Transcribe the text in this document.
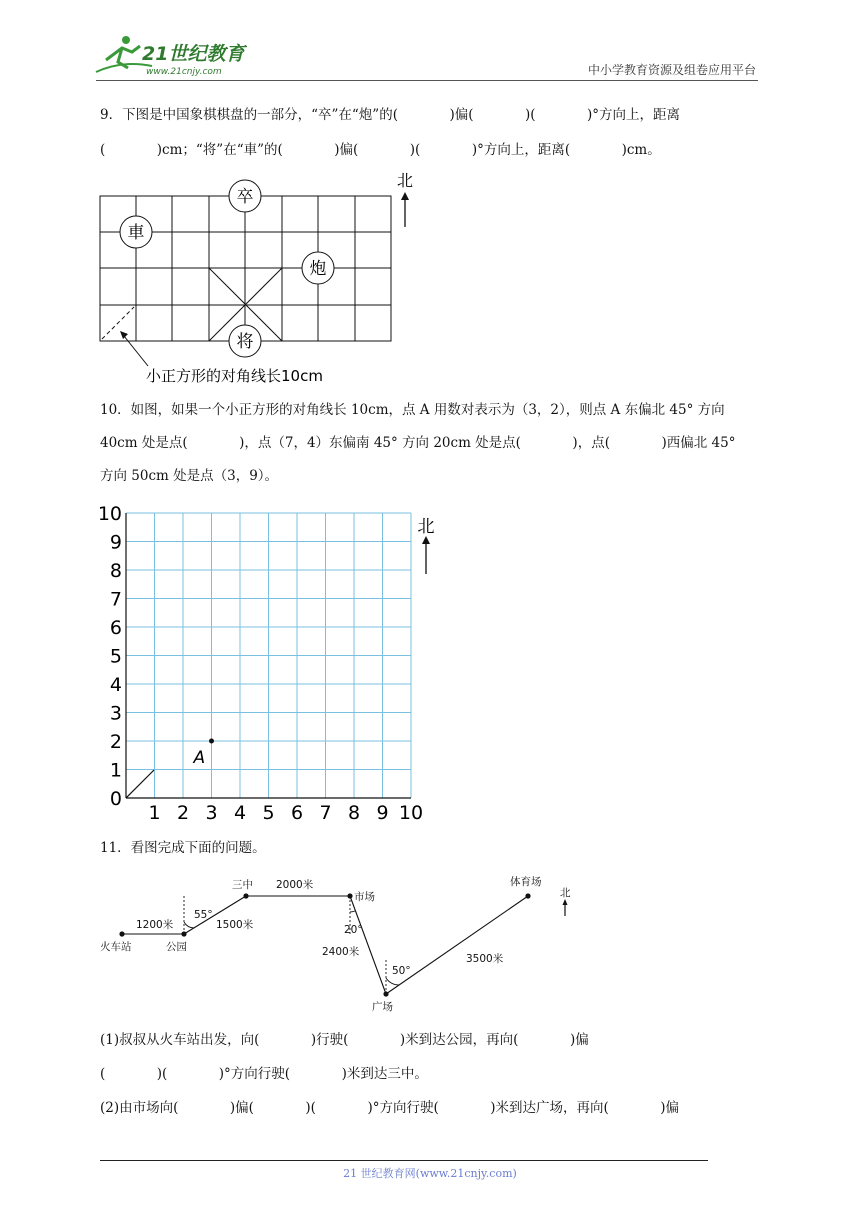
21世纪教育
www.21cnjy.com	中小学教育资源及组卷应用平台
9．下图是中国象棋棋盘的一部分，“卒”在“炮”的(            )偏(            )(            )°方向上，距离
(            )cm；“将”在“車”的(            )偏(            )(            )°方向上，距离(            )cm。
卒
車
炮
将
北
小正方形的对角线长10cm
10．如图，如果一个小正方形的对角线长 10cm，点 A 用数对表示为（3，2），则点 A 东偏北 45° 方向
40cm 处是点(            )，点（7，4）东偏南 45° 方向 20cm 处是点(            )，点(            )西偏北 45°
方向 50cm 处是点（3，9）。
1 2 3 4 5 6 7 8 9 10
0
1
2
3
4
5
6
7
8
9
10
A
北
11．看图完成下面的问题。
火车站	公园
三中
市场
广场
体育场
北
1200米	1500米
2000米
2400米
3500米
55°
20°
50°
(1)叔叔从火车站出发，向(            )行驶(            )米到达公园，再向(            )偏
(            )(            )°方向行驶(            )米到达三中。
(2)由市场向(            )偏(            )(            )°方向行驶(            )米到达广场，再向(            )偏
21 世纪教育网(www.21cnjy.com)
